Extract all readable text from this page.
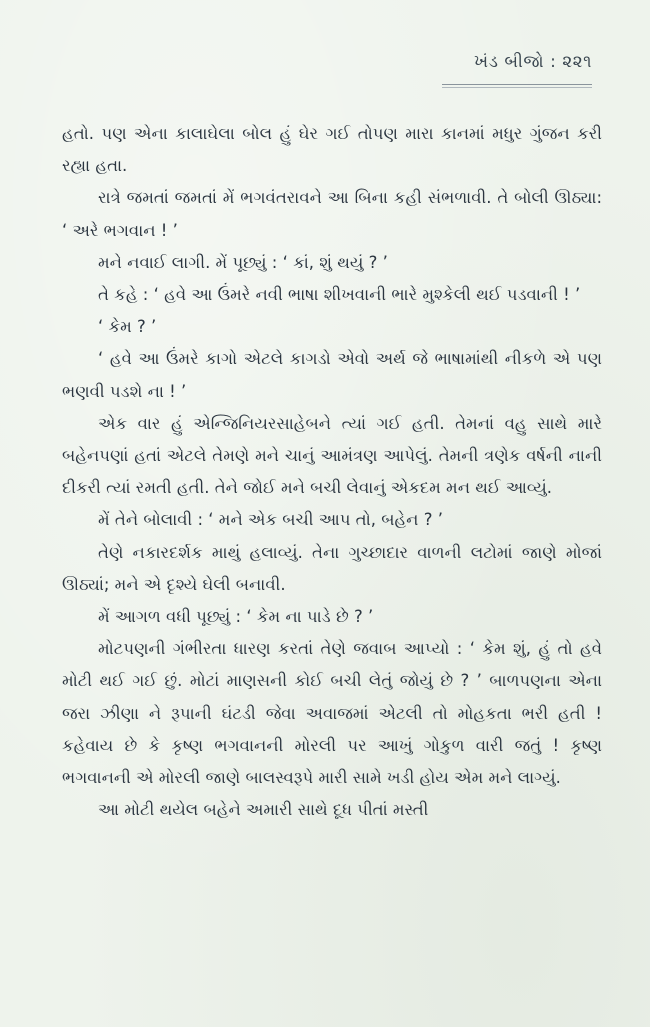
ખંડ બીજો : ૨૨૧

હતો. પણ એના કાલાઘેલા બોલ હું ઘેર ગઈ તોપણ મારા કાનમાં મધુર ગુંજન કરી રહ્યા હતા.

રાત્રે જમતાં જમતાં મેં ભગવંતરાવને આ બિના કહી સંભળાવી. તે બોલી ઊઠ્યા: ‘ અરે ભગવાન ! ’

મને નવાઈ લાગી. મેં પૂછ્યું : ‘ કાં, શું થયું ? ’

તે કહે : ‘ હવે આ ઉંમરે નવી ભાષા શીખવાની ભારે મુશ્કેલી થઈ પડવાની ! ’

‘ કેમ ? ’

‘ હવે આ ઉંમરે કાગો એટલે કાગડો એવો અર્થ જે ભાષામાંથી નીકળે એ પણ ભણવી પડશે ના ! ’

એક વાર હું એન્જિનિયરસાહેબને ત્યાં ગઈ હતી. તેમનાં વહુ સાથે મારે બહેનપણાં હતાં એટલે તેમણે મને ચાનું આમંત્રણ આપેલું. તેમની ત્રણેક વર્ષની નાની દીકરી ત્યાં રમતી હતી. તેને જોઈ મને બચી લેવાનું એકદમ મન થઈ આવ્યું.

મેં તેને બોલાવી : ‘ મને એક બચી આપ તો, બહેન ? ’

તેણે નકારદર્શક માથું હલાવ્યું. તેના ગુચ્છાદાર વાળની લટોમાં જાણે મોજાં ઊઠ્યાં; મને એ દૃશ્યે ઘેલી બનાવી.

મેં આગળ વધી પૂછ્યું : ‘ કેમ ના પાડે છે ? ’

મોટપણની ગંભીરતા ધારણ કરતાં તેણે જવાબ આપ્યો : ‘ કેમ શું, હું તો હવે મોટી થઈ ગઈ છું. મોટાં માણસની કોઈ બચી લેતું જોયું છે ? ’ બાળપણના એના જરા ઝીણા ને રૂપાની ઘંટડી જેવા અવાજમાં એટલી તો મોહકતા ભરી હતી ! કહેવાય છે કે કૃષ્ણ ભગવાનની મોરલી પર આખું ગોકુળ વારી જતું ! કૃષ્ણ ભગવાનની એ મોરલી જાણે બાલસ્વરૂપે મારી સામે ખડી હોય એમ મને લાગ્યું.

આ મોટી થયેલ બહેને અમારી સાથે દૂધ પીતાં મસ્તી
